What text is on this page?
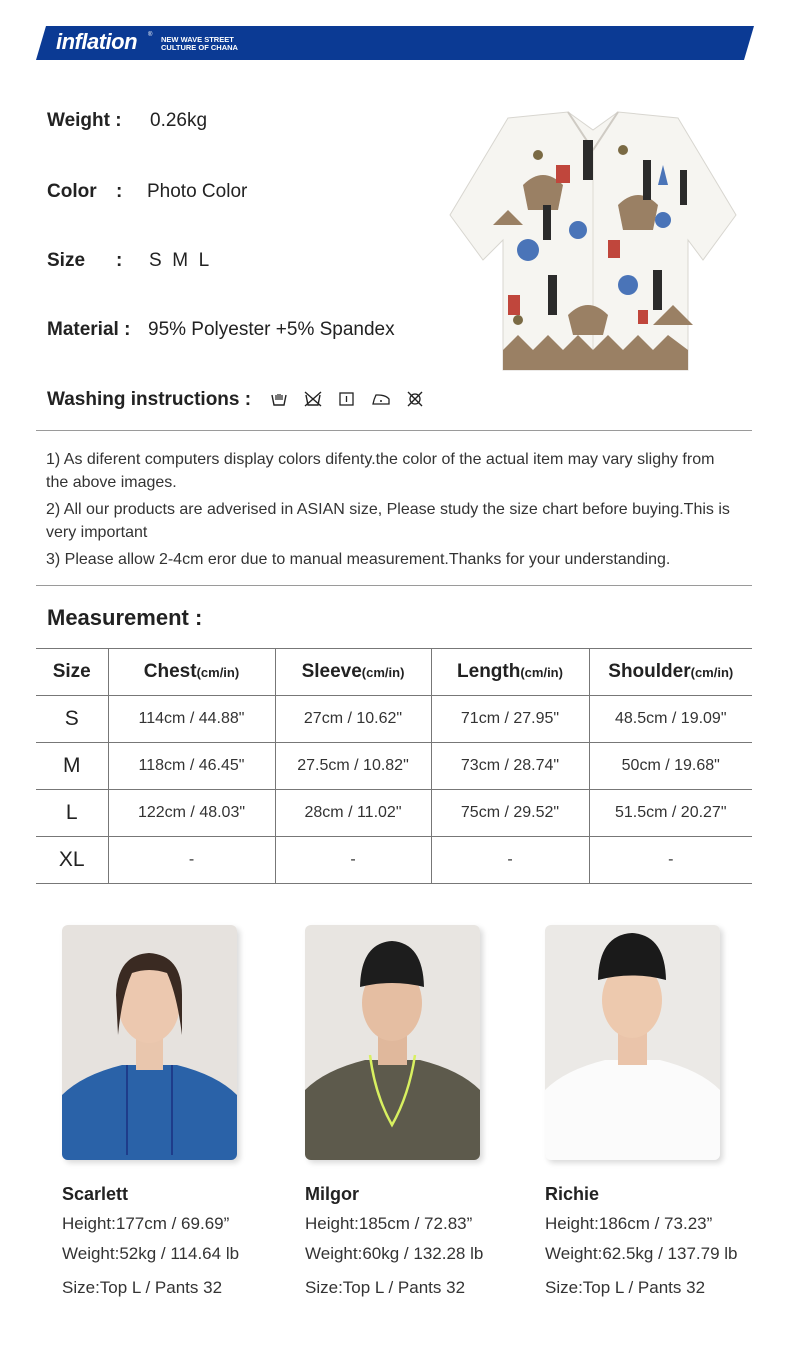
inflation ® NEW WAVE STREET
CULTURE OF CHANA
Weight : 0.26kg
Color : Photo Color
Size : S  M  L
Material : 95% Polyester +5% Spandex
Washing instructions :

1) As diferent computers display colors difenty.the color of the actual item may vary slighy from the above images.

2) All our products are adverised in ASIAN size, Please study the size chart before buying.This is very important

3) Please allow 2-4cm eror due to manual measurement.Thanks for your understanding.

Measurement :
Size	Chest(cm/in)	Sleeve(cm/in)	Length(cm/in)	Shoulder(cm/in)
S	114cm / 44.88"	27cm / 10.62"	71cm / 27.95"	48.5cm / 19.09"
M	118cm / 46.45"	27.5cm / 10.82"	73cm / 28.74"	50cm / 19.68"
L	122cm / 48.03"	28cm / 11.02"	75cm / 29.52"	51.5cm / 20.27"
XL	-	-	-	-
Scarlett
Height:177cm / 69.69”
Weight:52kg / 114.64 lb
Size:Top L / Pants 32
Milgor
Height:185cm / 72.83”
Weight:60kg / 132.28 lb
Size:Top L / Pants 32
Richie
Height:186cm / 73.23”
Weight:62.5kg / 137.79 lb
Size:Top L / Pants 32
